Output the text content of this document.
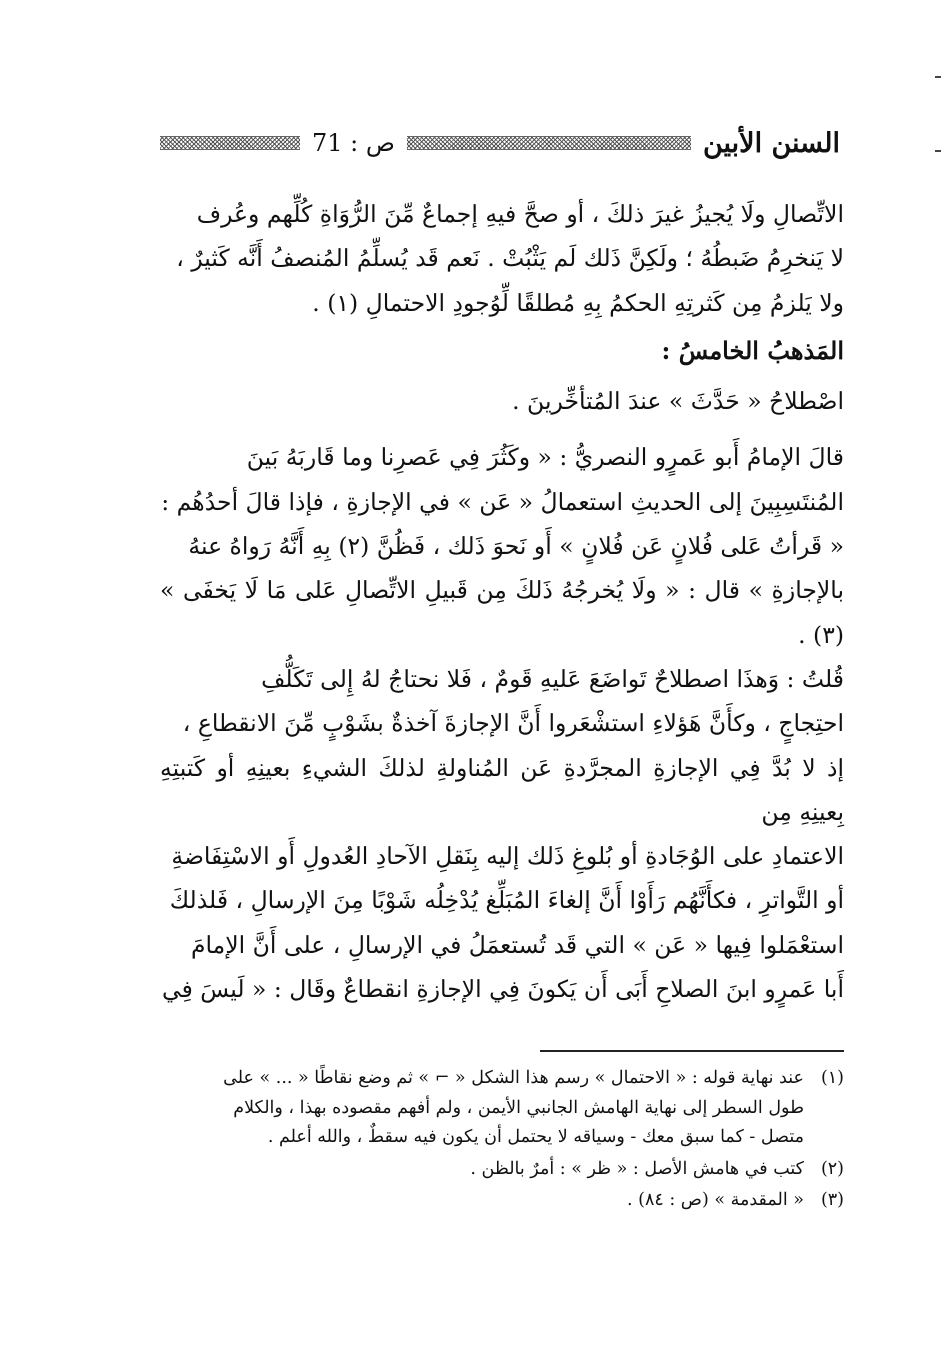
السنن الأبين
ص : 71

الاتِّصالِ ولَا يُجيزُ غيرَ ذلكَ ، أو صحَّ فيهِ إجماعٌ مِّنَ الرُّوَاةِ كُلِّهم وعُرف

لا يَنخرِمُ ضَبطُهُ ؛ ولَكِنَّ ذَلك لَم يَثْبُتْ . نَعم قَد يُسلِّمُ المُنصفُ أَنَّه كَثيرٌ ،

ولا يَلزمُ مِن كَثرتِهِ الحكمُ بِهِ مُطلقًا لِّوُجودِ الاحتمالِ (١) .

المَذهبُ الخامسُ :

اصْطلاحُ « حَدَّثَ » عندَ المُتأخِّرينَ .

قالَ الإمامُ أَبو عَمرٍو النصريُّ : « وكَثُرَ فِي عَصرِنا وما قَاربَهُ بَينَ

المُنتَسِبِينَ إلى الحديثِ استعمالُ « عَن » في الإجازةِ ، فإذا قالَ أحدُهُم :

« قَرأتُ عَلى فُلانٍ عَن فُلانٍ » أَو نَحوَ ذَلك ، فَظُنَّ (٢) بِهِ أَنَّهُ رَواهُ عنهُ

بالإجازةِ » قال : « ولَا يُخرجُهُ ذَلكَ مِن قَبيلِ الاتِّصالِ عَلى مَا لَا يَخفَى » (٣) .

قُلتُ : وَهذَا اصطلاحٌ تَواضَعَ عَليهِ قَومٌ ، فَلا نحتاجُ لهُ إِلى تَكَلُّفِ

احتِجاجٍ ، وكأَنَّ هَؤلاءِ استشْعَروا أَنَّ الإجازةَ آخذةٌ بشَوْبٍ مِّنَ الانقطاعِ ،

إذ لا بُدَّ فِي الإجازةِ المجرَّدةِ عَن المُناولةِ لذلكَ الشيءِ بعينِهِ أو كَتبتِهِ بِعينِهِ مِن

الاعتمادِ على الوُجَادةِ أو بُلوغِ ذَلك إليه بِنَقلِ الآحادِ العُدولِ أَو الاسْتِفَاضةِ

أو التَّواترِ ، فكأَنَّهُم رَأَوْا أَنَّ إلغاءَ المُبَلِّغ يُدْخِلُه شَوْبًا مِنَ الإرسالِ ، فَلذلكَ

استعْمَلوا فِيها « عَن » التي قَد تُستعمَلُ في الإرسالِ ، على أَنَّ الإمامَ

أَبا عَمرٍو ابنَ الصلاحِ أَبَى أَن يَكونَ فِي الإجازةِ انقطاعٌ وقَال : « لَيسَ فِي

(١)عند نهاية قوله : « الاحتمال » رسم هذا الشكل « ⌐ » ثم وضع نقاطًا « ... » على

طول السطر إلى نهاية الهامش الجانبي الأيمن ، ولم أفهم مقصوده بهذا ، والكلام

متصل - كما سبق معك - وسياقه لا يحتمل أن يكون فيه سقطٌ ، والله أعلم .

(٢)كتب في هامش الأصل : « ظر » : أمرٌ بالظن .

(٣)« المقدمة » (ص : ٨٤) .
